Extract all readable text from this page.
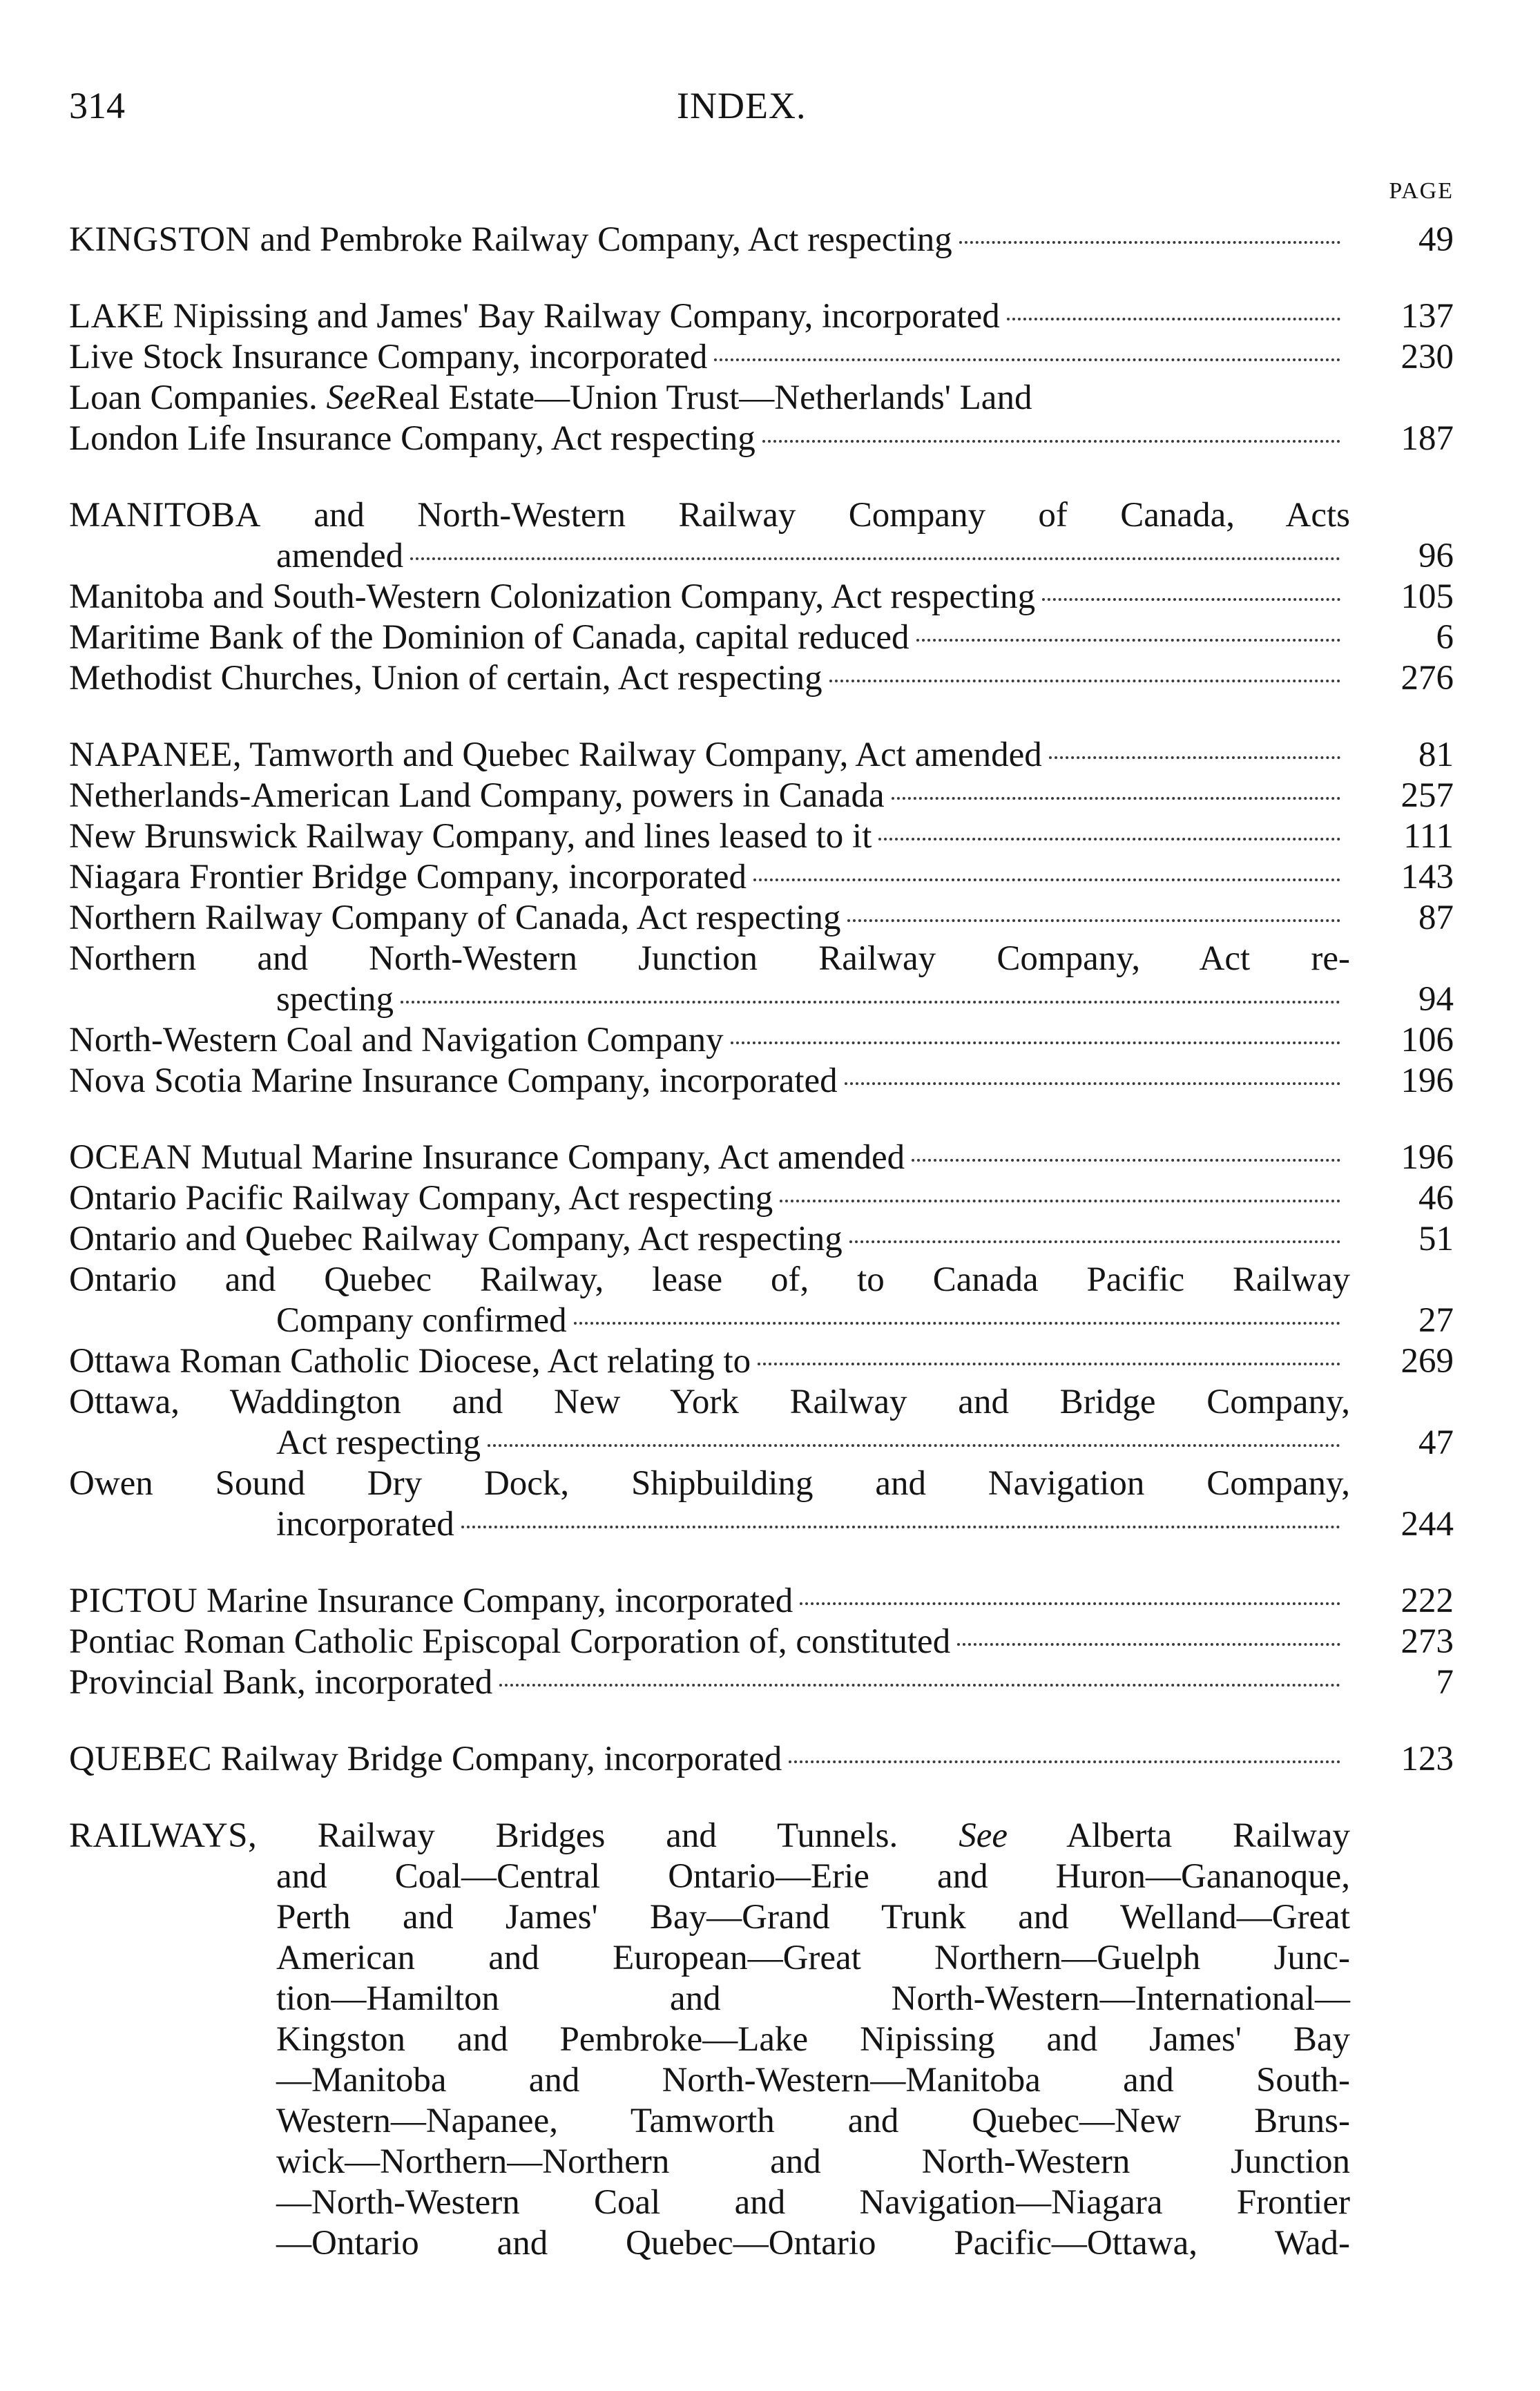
314	INDEX.
PAGE
KINGSTON and Pembroke Railway Company, Act respecting	49
LAKE Nipissing and James' Bay Railway Company, incorporated	137
Live Stock Insurance Company, incorporated	230
Loan Companies. SeeReal Estate—Union Trust—Netherlands' Land
London Life Insurance Company, Act respecting	187
MANITOBA and North-Western Railway Company of Canada, Acts
amended	96
Manitoba and South-Western Colonization Company, Act respecting	105
Maritime Bank of the Dominion of Canada, capital reduced	6
Methodist Churches, Union of certain, Act respecting	276
NAPANEE, Tamworth and Quebec Railway Company, Act amended	81
Netherlands-American Land Company, powers in Canada	257
New Brunswick Railway Company, and lines leased to it	111
Niagara Frontier Bridge Company, incorporated	143
Northern Railway Company of Canada, Act respecting	87
Northern and North-Western Junction Railway Company, Act re-
specting	94
North-Western Coal and Navigation Company	106
Nova Scotia Marine Insurance Company, incorporated	196
OCEAN Mutual Marine Insurance Company, Act amended	196
Ontario Pacific Railway Company, Act respecting	46
Ontario and Quebec Railway Company, Act respecting	51
Ontario and Quebec Railway, lease of, to Canada Pacific Railway
Company confirmed	27
Ottawa Roman Catholic Diocese, Act relating to	269
Ottawa, Waddington and New York Railway and Bridge Company,
Act respecting	47
Owen Sound Dry Dock, Shipbuilding and Navigation Company,
incorporated	244
PICTOU Marine Insurance Company, incorporated	222
Pontiac Roman Catholic Episcopal Corporation of, constituted	273
Provincial Bank, incorporated	7
QUEBEC Railway Bridge Company, incorporated	123
RAILWAYS, Railway Bridges and Tunnels. See Alberta Railway
and Coal—Central Ontario—Erie and Huron—Gananoque,
Perth and James' Bay—Grand Trunk and Welland—Great
American and European—Great Northern—Guelph Junc-
tion—Hamilton and North-Western—International—
Kingston and Pembroke—Lake Nipissing and James' Bay
—Manitoba and North-Western—Manitoba and South-
Western—Napanee, Tamworth and Quebec—New Bruns-
wick—Northern—Northern and North-Western Junction
—North-Western Coal and Navigation—Niagara Frontier
—Ontario and Quebec—Ontario Pacific—Ottawa, Wad-
